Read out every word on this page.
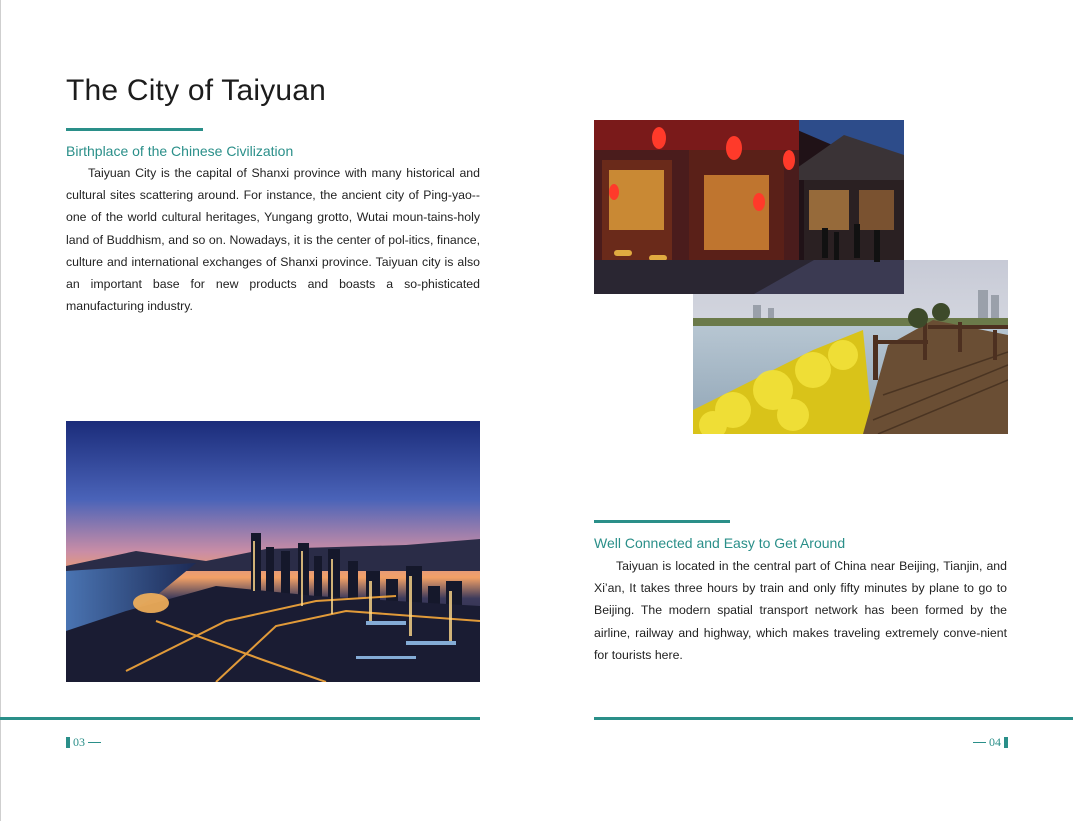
The City of Taiyuan
Birthplace of the Chinese Civilization

Taiyuan City is the capital of Shanxi province with many historical and cultural sites scattering around. For instance, the ancient city of Ping-yao--one of the world cultural heritages, Yungang grotto, Wutai moun-tains-holy land of Buddhism, and so on. Nowadays, it is the center of pol-itics, finance, culture and international exchanges of Shanxi province. Taiyuan city is also an important base for new products and boasts a so-phisticated manufacturing industry.

03
Well Connected and Easy to Get Around

Taiyuan is located in the central part of China near Beijing, Tianjin, and Xi’an, It takes three hours by train and only fifty minutes by plane to go to Beijing. The modern spatial transport network has been formed by the airline, railway and highway, which makes traveling extremely conve-nient for tourists here.

04
